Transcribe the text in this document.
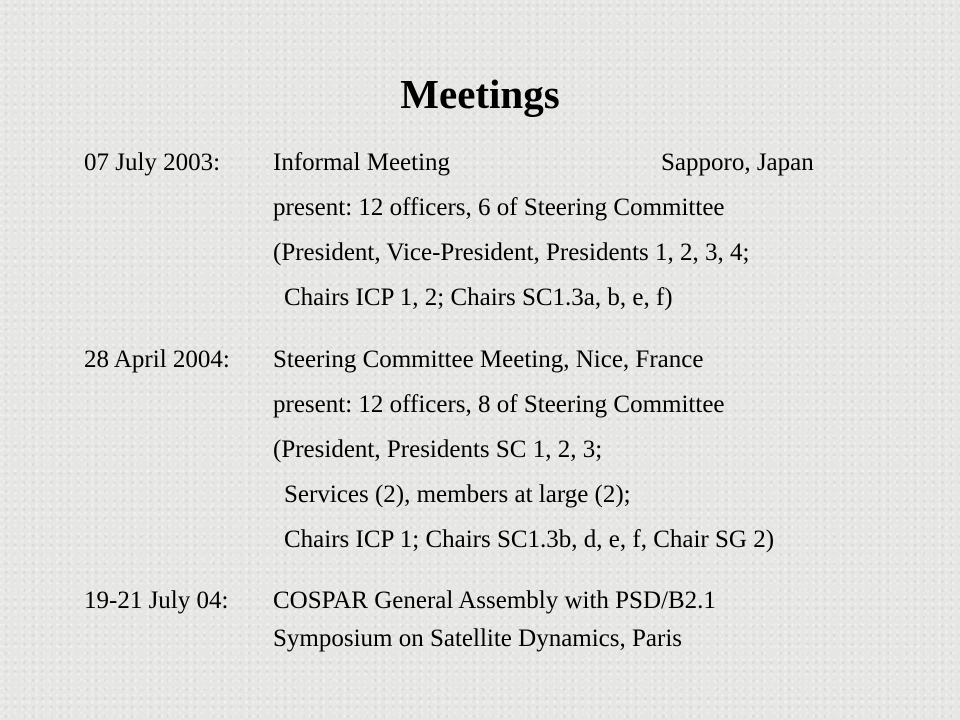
Meetings
07 July 2003: Informal Meeting	Sapporo, Japan
present: 12 officers, 6 of Steering Committee
(President, Vice-President, Presidents 1, 2, 3, 4;
Chairs ICP 1, 2; Chairs SC1.3a, b, e, f)
28 April 2004: Steering Committee Meeting, Nice, France
present: 12 officers, 8 of Steering Committee
(President, Presidents SC 1, 2, 3;
Services (2), members at large (2);
Chairs ICP 1; Chairs SC1.3b, d, e, f, Chair SG 2)
19-21 July 04: COSPAR General Assembly with PSD/B2.1
Symposium on Satellite Dynamics, Paris
